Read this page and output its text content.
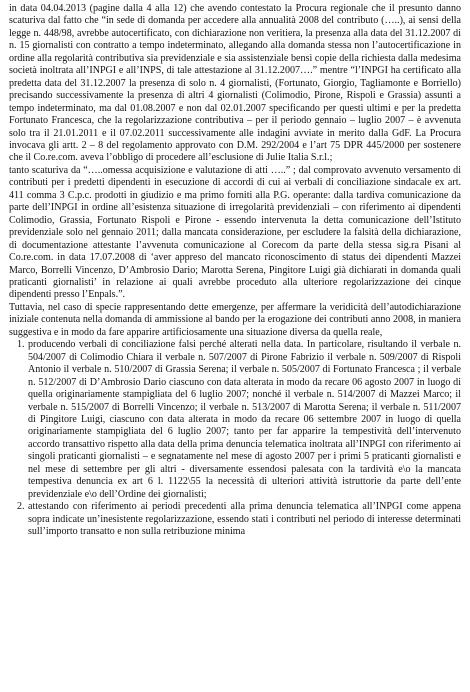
in data 04.04.2013 (pagine dalla 4 alla 12) che avendo contestato la Procura regionale che il presunto danno scaturiva dal fatto che “in sede di domanda per accedere alla annualità 2008 del contributo (…..), ai sensi della legge n. 448/98, avrebbe autocertificato, con dichiarazione non veritiera, la presenza alla data del 31.12.2007 di n. 15 giornalisti con contratto a tempo indeterminato, allegando alla domanda stessa non l’autocertificazione in ordine alla regolarità contributiva sia previdenziale e sia assistenziale bensì copie della richiesta dalla medesima società inoltrata all’INPGI e all’INPS, di tale attestazione al 31.12.2007….” mentre “l’INPGI ha certificato alla predetta data del 31.12.2007 la presenza di solo n. 4 giornalisti, (Fortunato, Giorgio, Tagliamonte e Borriello) precisando successivamente la presenza di altri 4 giornalisti (Colimodio, Pirone, Rispoli e Grassia) assunti a tempo indeterminato, ma dal 01.08.2007 e non dal 02.01.2007 specificando per questi ultimi e per la predetta Fortunato Francesca, che la regolarizzazione contributiva – per il periodo gennaio – luglio 2007 – è avvenuta solo tra il 21.01.2011 e il 07.02.2011 successivamente alle indagini avviate in merito dalla GdF. La Procura invocava gli artt. 2 – 8 del regolamento approvato con D.M. 292/2004 e l’art 75 DPR 445/2000 per sostenere che il Co.re.com. aveva l’obbligo di procedere all’esclusione di Julie Italia S.r.l.;

tanto scaturiva da “…..omessa acquisizione e valutazione di atti …..” ; dal comprovato avvenuto versamento di contributi per i predetti dipendenti in esecuzione di accordi di cui ai verbali di conciliazione sindacale ex art. 411 comma 3 C.p.c. prodotti in giudizio e ma primo forniti alla P.G. operante: dalla tardiva comunicazione da parte dell’INPGI in ordine all’esistenza situazione di irregolarità previdenziali – con riferimento ai dipendenti Colimodio, Grassia, Fortunato Rispoli e Pirone - essendo intervenuta la detta comunicazione dell’Istituto previdenziale solo nel gennaio 2011; dalla mancata considerazione, per escludere la falsità della dichiarazione, di documentazione attestante l’avvenuta comunicazione al Corecom da parte della stessa sig.ra Pisani al Co.re.com. in data 17.07.2008 di ‘aver appreso del mancato riconoscimento di status dei dipendenti Mazzei Marco, Borrelli Vincenzo, D’Ambrosio Dario; Marotta Serena, Pingitore Luigi già dichiarati in domanda quali praticanti giornalisti’ in relazione ai quali avrebbe proceduto alla ulteriore regolarizzazione dei cinque dipendenti presso l’Enpals.”.

Tuttavia, nel caso di specie rappresentando dette emergenze, per affermare la veridicità dell’autodichiarazione iniziale contenuta nella domanda di ammissione al bando per la erogazione dei contributi anno 2008, in maniera suggestiva e in modo da fare apparire artificiosamente una situazione diversa da quella reale,

1. producendo verbali di conciliazione falsi perché alterati nella data. In particolare, risultando il verbale n. 504/2007 di Colimodio Chiara il verbale n. 507/2007 di Pirone Fabrizio il verbale n. 509/2007 di Rispoli Antonio il verbale n. 510/2007 di Grassia Serena; il verbale n. 505/2007 di Fortunato Francesca ; il verbale n. 512/2007 di D’Ambrosio Dario ciascuno con data alterata in modo da recare 06 agosto 2007 in luogo di quella originariamente stampigliata del 6 luglio 2007; nonché il verbale n. 514/2007 di Mazzei Marco; il verbale n. 515/2007 di Borrelli Vincenzo; il verbale n. 513/2007 di Marotta Serena; il verbale n. 511/2007 di Pingitore Luigi, ciascuno con data alterata in modo da recare 06 settembre 2007 in luogo di quella originariamente stampigliata del 6 luglio 2007; tanto per far apparire la tempestività dell’intervenuto accordo transattivo rispetto alla data della prima denuncia telematica inoltrata all’INPGI con riferimento ai singoli praticanti giornalisti – e segnatamente nel mese di agosto 2007 per i primi 5 praticanti giornalisti e nel mese di settembre per gli altri - diversamente essendosi palesata con la tardività e\o la mancata tempestiva denuncia ex art 6 l. 1122\55 la necessità di ulteriori attività istruttorie da parte dell’ente previdenziale e\o dell’Ordine dei giornalisti;
2. attestando con riferimento ai periodi precedenti alla prima denuncia telematica all’INPGI come appena sopra indicate un’inesistente regolarizzazione, essendo stati i contributi nel periodo di interesse determinati sull’importo transatto e non sulla retribuzione minima
